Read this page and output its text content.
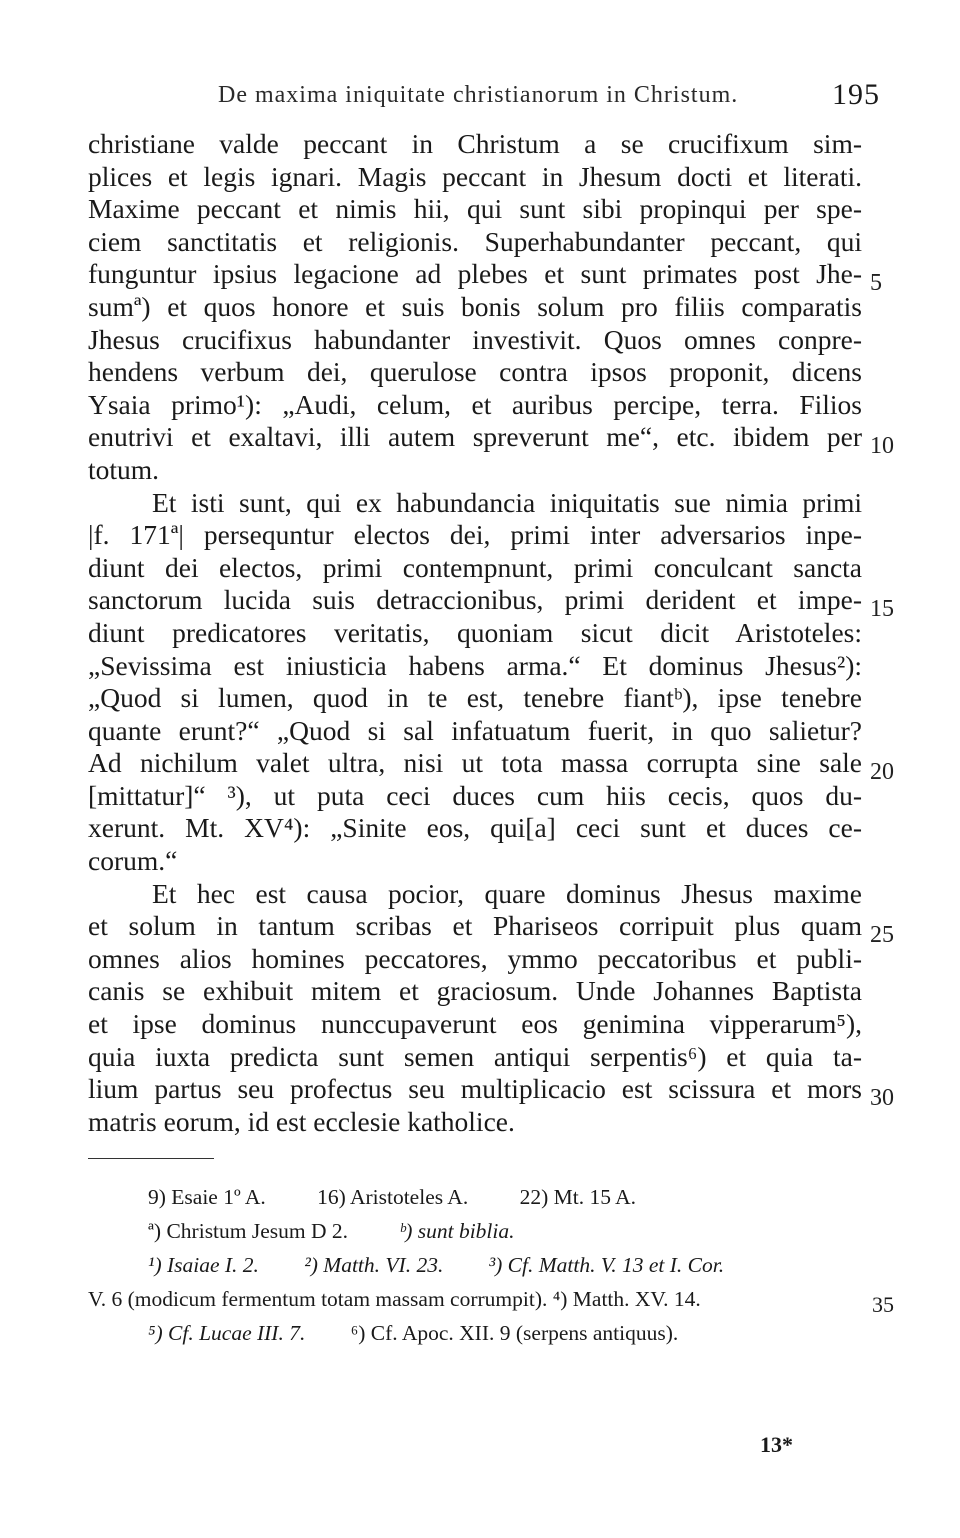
De maxima iniquitate christianorum in Christum.	195
christiane valde peccant in Christum a se crucifixum sim-
plices et legis ignari. Magis peccant in Jhesum docti et literati.
Maxime peccant et nimis hii, qui sunt sibi propinqui per spe-
ciem sanctitatis et religionis. Superhabundanter peccant, qui
funguntur ipsius legacione ad plebes et sunt primates post Jhe-
sumª) et quos honore et suis bonis solum pro filiis comparatis
Jhesus crucifixus habundanter investivit. Quos omnes conpre-
hendens verbum dei, querulose contra ipsos proponit, dicens
Ysaia primo¹): „Audi, celum, et auribus percipe, terra. Filios
enutrivi et exaltavi, illi autem spreverunt me“, etc. ibidem per
totum.
Et isti sunt, qui ex habundancia iniquitatis sue nimia primi
|f. 171ª| persequntur electos dei, primi inter adversarios inpe-
diunt dei electos, primi contempnunt, primi conculcant sancta
sanctorum lucida suis detraccionibus, primi derident et impe-
diunt predicatores veritatis, quoniam sicut dicit Aristoteles:
„Sevissima est iniusticia habens arma.“ Et dominus Jhesus²):
„Quod si lumen, quod in te est, tenebre fiantᵇ), ipse tenebre
quante erunt?“ „Quod si sal infatuatum fuerit, in quo salietur?
Ad nichilum valet ultra, nisi ut tota massa corrupta sine sale
[mittatur]“ ³), ut puta ceci duces cum hiis cecis, quos du-
xerunt. Mt. XV⁴): „Sinite eos, qui[a] ceci sunt et duces ce-
corum.“
Et hec est causa pocior, quare dominus Jhesus maxime
et solum in tantum scribas et Phariseos corripuit plus quam
omnes alios homines peccatores, ymmo peccatoribus et publi-
canis se exhibuit mitem et graciosum. Unde Johannes Baptista
et ipse dominus nunccupaverunt eos genimina vipperarum⁵),
quia iuxta predicta sunt semen antiqui serpentis⁶) et quia ta-
lium partus seu profectus seu multiplicacio est scissura et mors
matris eorum, id est ecclesie katholice.
5
10
15
20
25
30
9) Esaie 1º A. 16) Aristoteles A. 22) Mt. 15 A.
ª) Christum Jesum D 2. ᵇ) sunt biblia.
¹) Isaiae I. 2. ²) Matth. VI. 23. ³) Cf. Matth. V. 13 et I. Cor.
V. 6 (modicum fermentum totam massam corrumpit). ⁴) Matth. XV. 14.
⁵) Cf. Lucae III. 7. ⁶) Cf. Apoc. XII. 9 (serpens antiquus).
35
13*
